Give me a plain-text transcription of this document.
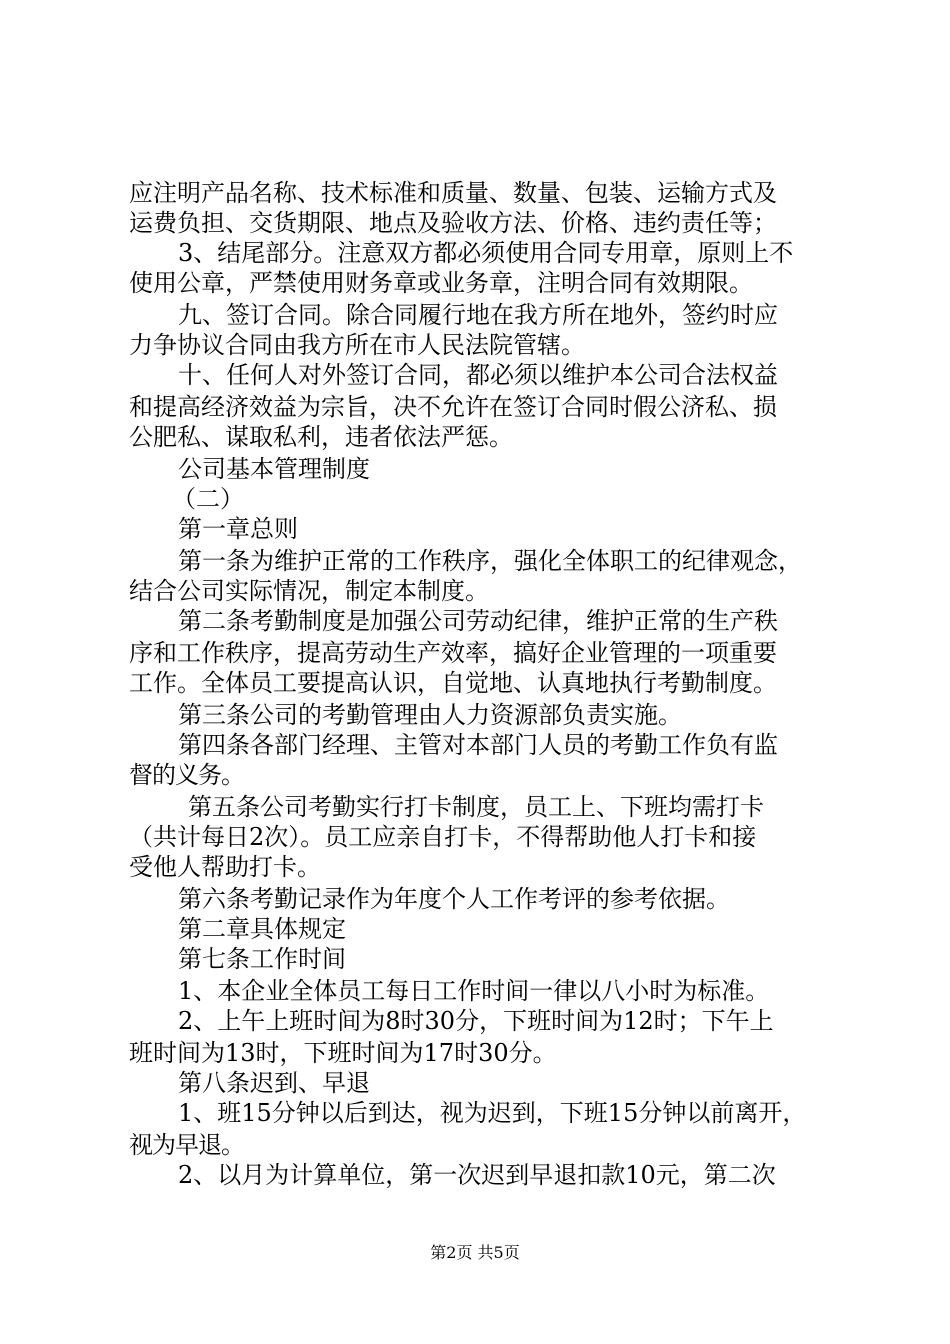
应注明产品名称、技术标准和质量、数量、包装、运输方式及
运费负担、交货期限、地点及验收方法、价格、违约责任等；
3、结尾部分。注意双方都必须使用合同专用章，原则上不
使用公章，严禁使用财务章或业务章，注明合同有效期限。
九、签订合同。除合同履行地在我方所在地外，签约时应
力争协议合同由我方所在市人民法院管辖。
十、任何人对外签订合同，都必须以维护本公司合法权益
和提高经济效益为宗旨，决不允许在签订合同时假公济私、损
公肥私、谋取私利，违者依法严惩。
公司基本管理制度
（二）
第一章总则
第一条为维护正常的工作秩序，强化全体职工的纪律观念，
结合公司实际情况，制定本制度。
第二条考勤制度是加强公司劳动纪律，维护正常的生产秩
序和工作秩序，提高劳动生产效率，搞好企业管理的一项重要
工作。全体员工要提高认识，自觉地、认真地执行考勤制度。
第三条公司的考勤管理由人力资源部负责实施。
第四条各部门经理、主管对本部门人员的考勤工作负有监
督的义务。
第五条公司考勤实行打卡制度，员工上、下班均需打卡
（共计每日2次）。员工应亲自打卡，不得帮助他人打卡和接
受他人帮助打卡。
第六条考勤记录作为年度个人工作考评的参考依据。
第二章具体规定
第七条工作时间
1、本企业全体员工每日工作时间一律以八小时为标准。
2、上午上班时间为8时30分，下班时间为12时；下午上
班时间为13时，下班时间为17时30分。
第八条迟到、早退
1、班15分钟以后到达，视为迟到，下班15分钟以前离开，
视为早退。
2、以月为计算单位，第一次迟到早退扣款10元，第二次
第2页 共5页
